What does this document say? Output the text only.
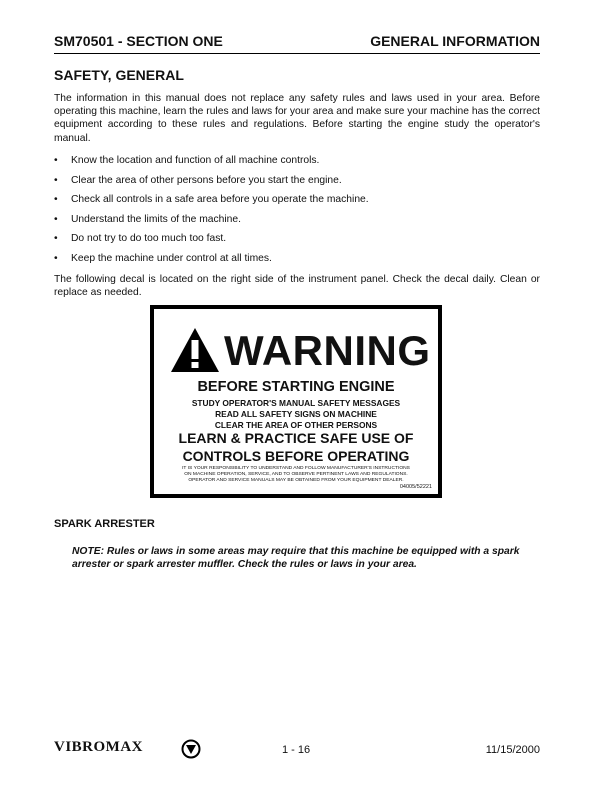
SM70501 - SECTION ONE	GENERAL INFORMATION
SAFETY, GENERAL
The information in this manual does not replace any safety rules and laws used in your area. Before operating this machine, learn the rules and laws for your area and make sure your machine has the correct equipment according to these rules and regulations. Before starting the engine study the operator's manual.
• Know the location and function of all machine controls.
• Clear the area of other persons before you start the engine.
• Check all controls in a safe area before you operate the machine.
• Understand the limits of the machine.
• Do not try to do too much too fast.
• Keep the machine under control at all times.
The following decal is located on the right side of the instrument panel. Check the decal daily. Clean or replace as needed.
WARNING
BEFORE STARTING ENGINE
STUDY OPERATOR'S MANUAL SAFETY MESSAGES
READ ALL SAFETY SIGNS ON MACHINE
CLEAR THE AREA OF OTHER PERSONS
LEARN & PRACTICE SAFE USE OF
CONTROLS BEFORE OPERATING
IT IS YOUR RESPONSIBILITY TO UNDERSTAND AND FOLLOW MANUFACTURER'S INSTRUCTIONS
ON MACHINE OPERATION, SERVICE, AND TO OBSERVE PERTINENT LAWS AND REGULATIONS.
OPERATOR AND SERVICE MANUALS MAY BE OBTAINED FROM YOUR EQUIPMENT DEALER.
04005/52221
SPARK ARRESTER
NOTE: Rules or laws in some areas may require that this machine be equipped with a spark arrester or spark arrester muffler. Check the rules or laws in your area.
VIBROMAX	1 - 16	11/15/2000
